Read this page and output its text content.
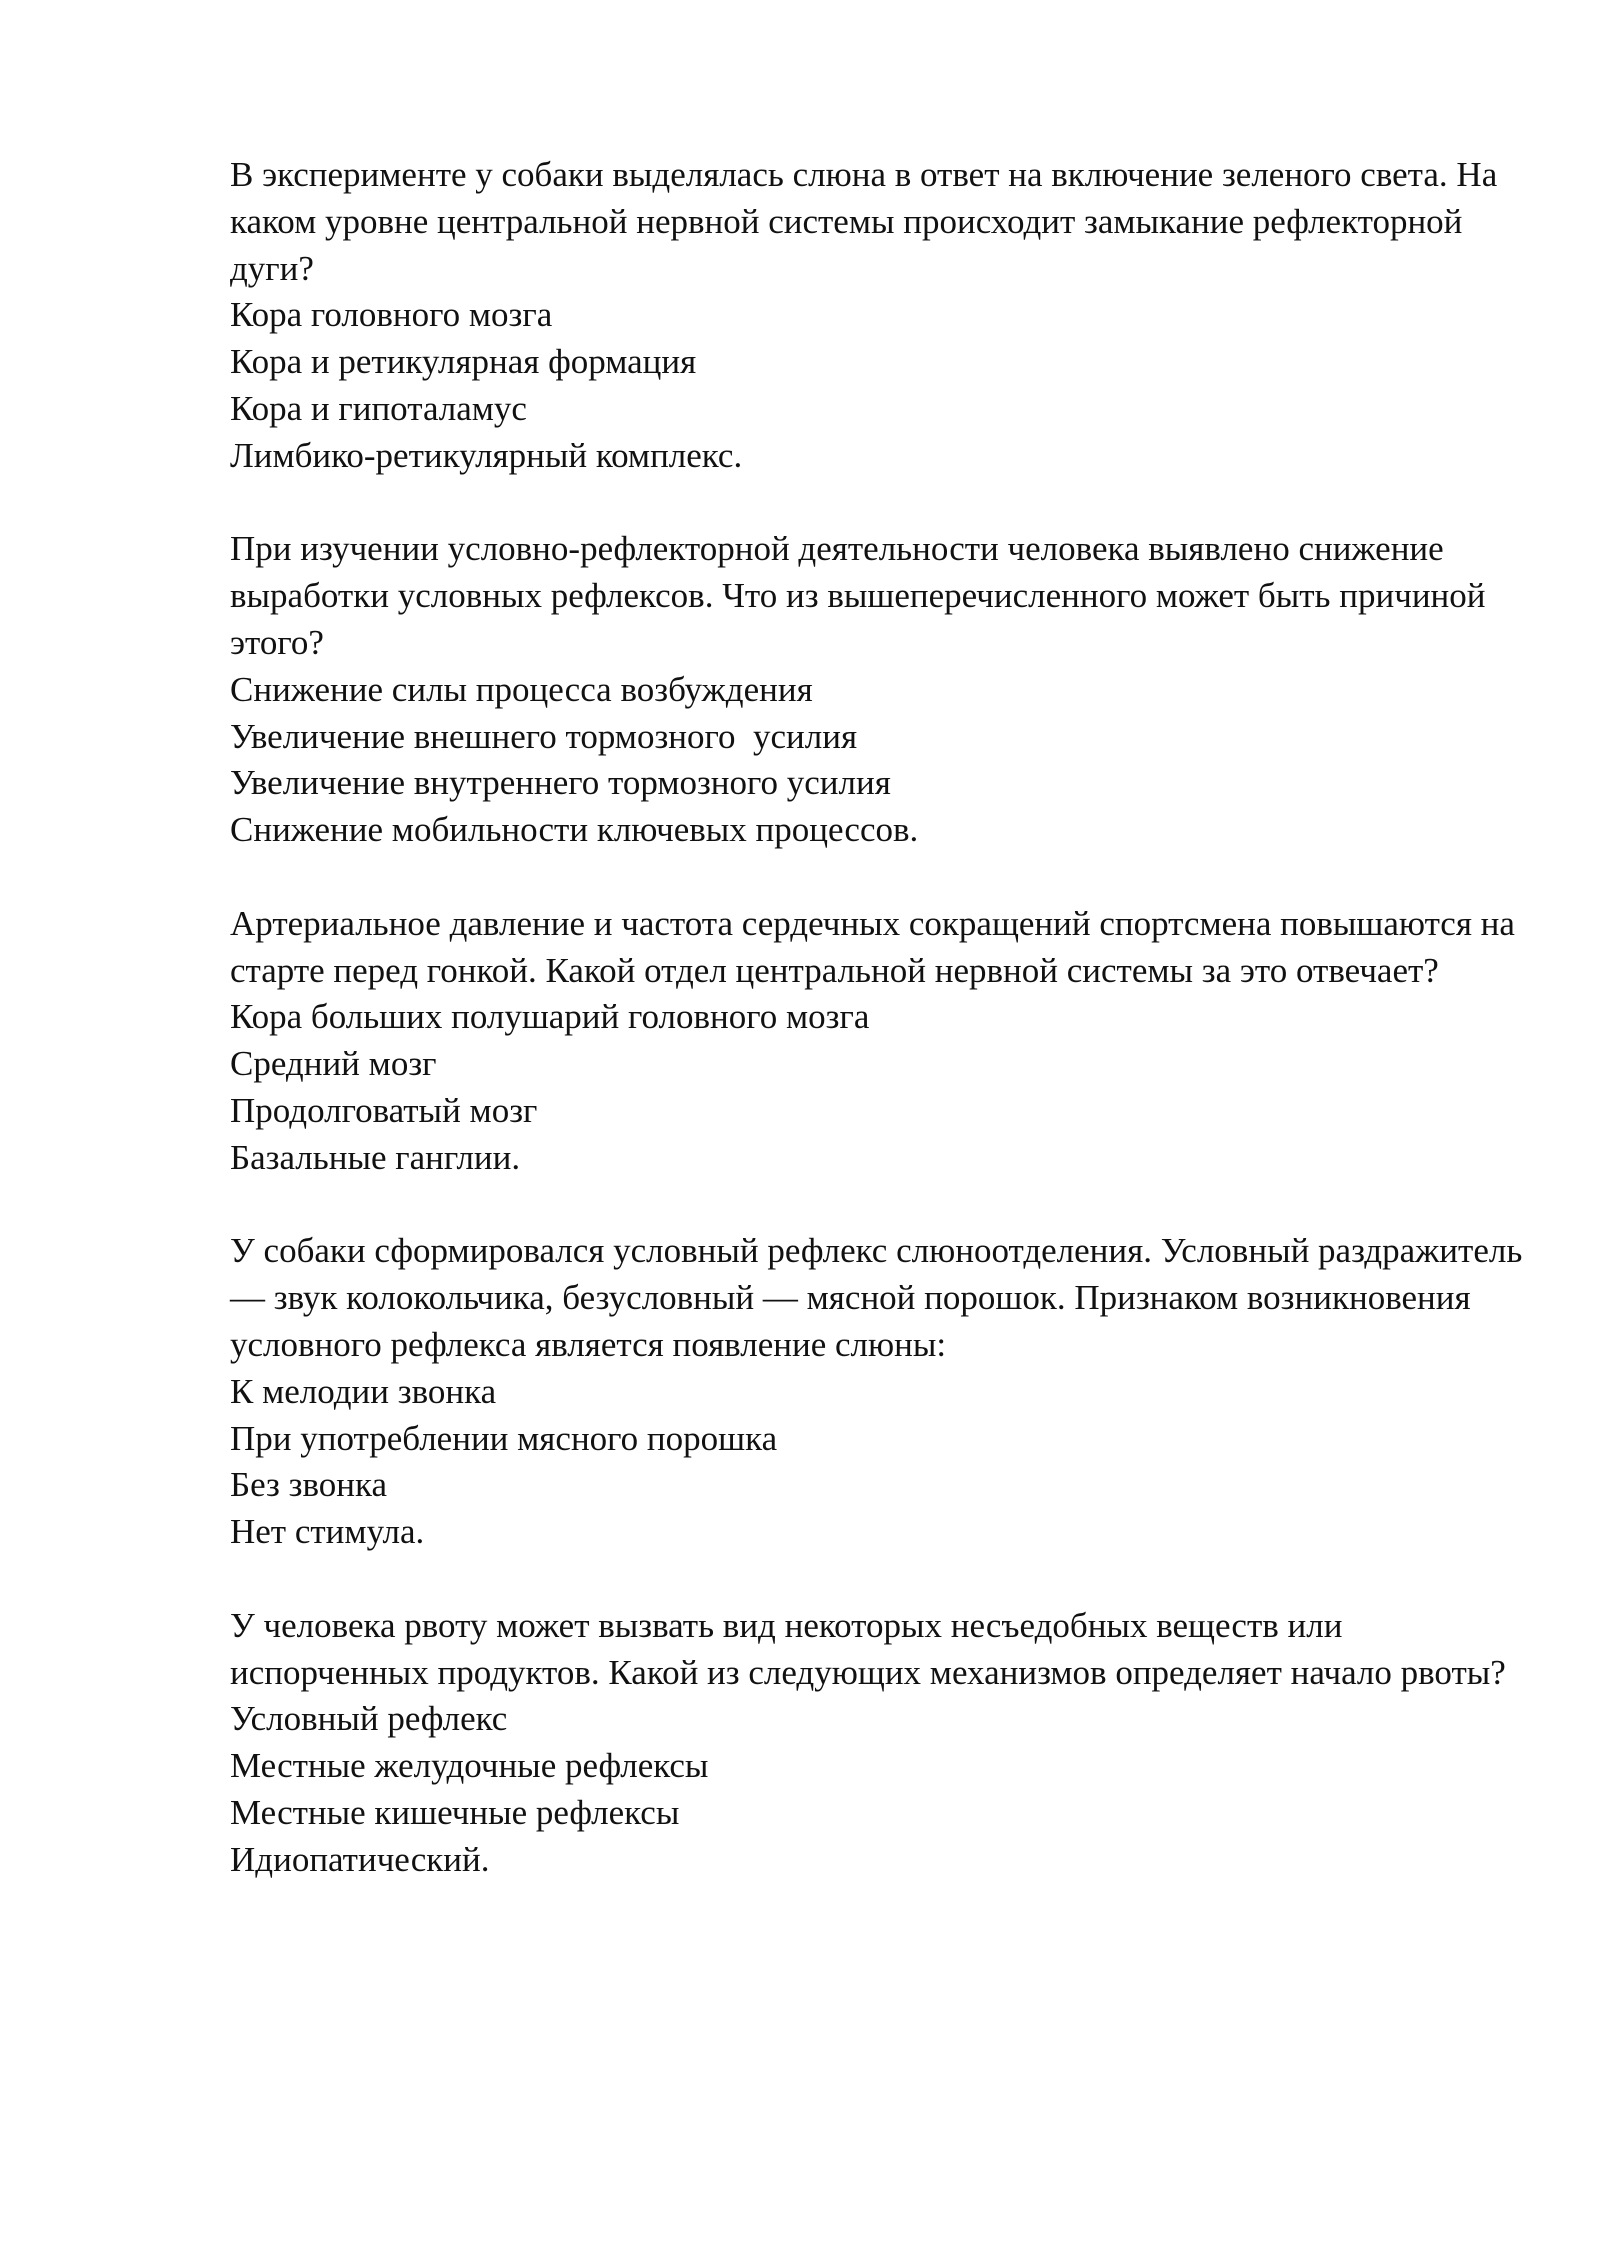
В эксперименте у собаки выделялась слюна в ответ на включение зеленого света. На каком уровне центральной нервной системы происходит замыкание рефлекторной дуги?

Кора головного мозга
Кора и ретикулярная формация
Кора и гипоталамус
Лимбико-ретикулярный комплекс.

При изучении условно-рефлекторной деятельности человека выявлено снижение выработки условных рефлексов. Что из вышеперечисленного может быть причиной этого?

Снижение силы процесса возбуждения
Увеличение внешнего тормозного  усилия
Увеличение внутреннего тормозного усилия
Снижение мобильности ключевых процессов.

Артериальное давление и частота сердечных сокращений спортсмена повышаются на старте перед гонкой. Какой отдел центральной нервной системы за это отвечает?

Кора больших полушарий головного мозга
Средний мозг
Продолговатый мозг
Базальные ганглии.

У собаки сформировался условный рефлекс слюноотделения. Условный раздражитель — звук колокольчика, безусловный — мясной порошок. Признаком возникновения условного рефлекса является появление слюны:

К мелодии звонка
При употреблении мясного порошка
Без звонка
Нет стимула.

У человека рвоту может вызвать вид некоторых несъедобных веществ или испорченных продуктов. Какой из следующих механизмов определяет начало рвоты?

Условный рефлекс
Местные желудочные рефлексы
Местные кишечные рефлексы
Идиопатический.
